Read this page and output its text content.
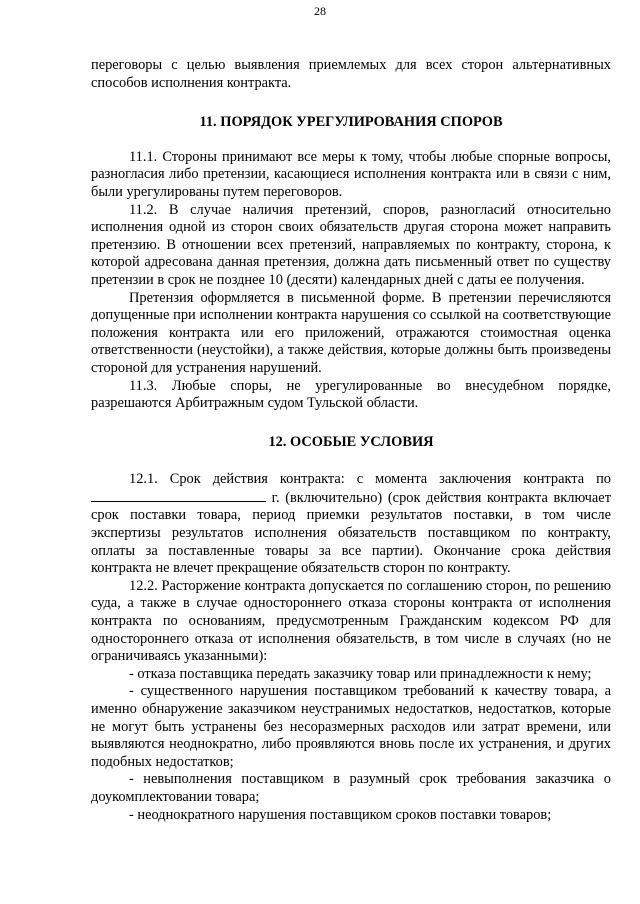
28

переговоры с целью выявления приемлемых для всех сторон альтернативных способов исполнения контракта.

11. ПОРЯДОК УРЕГУЛИРОВАНИЯ СПОРОВ

11.1. Стороны принимают все меры к тому, чтобы любые спорные вопросы, разногласия либо претензии, касающиеся исполнения контракта или в связи с ним, были урегулированы путем переговоров.

11.2. В случае наличия претензий, споров, разногласий относительно исполнения одной из сторон своих обязательств другая сторона может направить претензию. В отношении всех претензий, направляемых по контракту, сторона, к которой адресована данная претензия, должна дать письменный ответ по существу претензии в срок не позднее 10 (десяти) календарных дней с даты ее получения.

Претензия оформляется в письменной форме. В претензии перечисляются допущенные при исполнении контракта нарушения со ссылкой на соответствующие положения контракта или его приложений, отражаются стоимостная оценка ответственности (неустойки), а также действия, которые должны быть произведены стороной для устранения нарушений.

11.3. Любые споры, не урегулированные во внесудебном порядке, разрешаются Арбитражным судом Тульской области.

12. ОСОБЫЕ УСЛОВИЯ

12.1. Срок действия контракта: с момента заключения контракта по  г. (включительно) (срок действия контракта включает срок поставки товара, период приемки результатов поставки, в том числе экспертизы результатов исполнения обязательств поставщиком по контракту, оплаты за поставленные товары за все партии). Окончание срока действия контракта не влечет прекращение обязательств сторон по контракту.

12.2. Расторжение контракта допускается по соглашению сторон, по решению суда, а также в случае одностороннего отказа стороны контракта от исполнения контракта по основаниям, предусмотренным Гражданским кодексом РФ для одностороннего отказа от исполнения обязательств, в том числе в случаях (но не ограничиваясь указанными):

- отказа поставщика передать заказчику товар или принадлежности к нему;

- существенного нарушения поставщиком требований к качеству товара, а именно обнаружение заказчиком неустранимых недостатков, недостатков, которые не могут быть устранены без несоразмерных расходов или затрат времени, или выявляются неоднократно, либо проявляются вновь после их устранения, и других подобных недостатков;

- невыполнения поставщиком в разумный срок требования заказчика о доукомплектовании товара;

- неоднократного нарушения поставщиком сроков поставки товаров;
